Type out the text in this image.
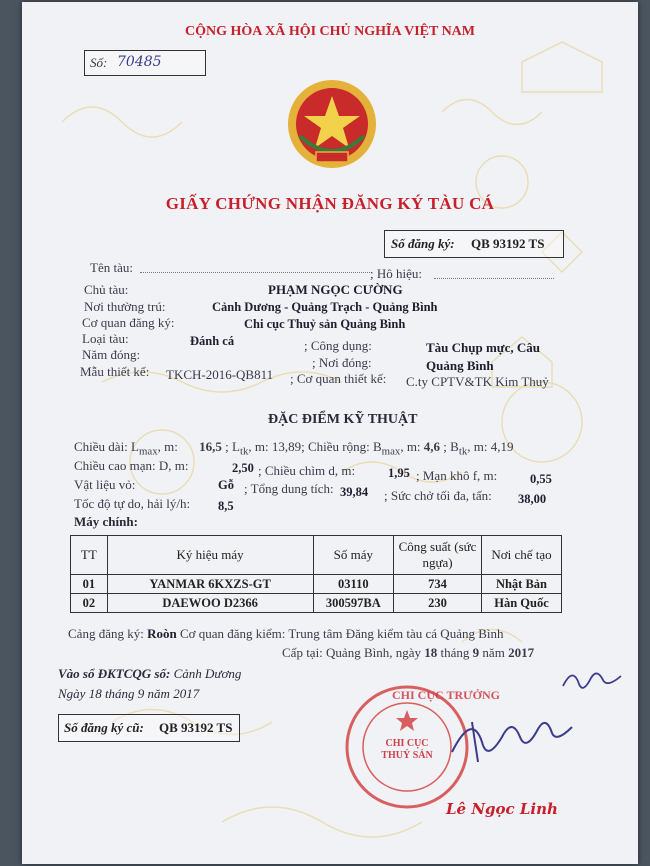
CỘNG HÒA XÃ HỘI CHỦ NGHĨA VIỆT NAM
Số: 70485
GIẤY CHỨNG NHẬN ĐĂNG KÝ TÀU CÁ
Số đăng ký: QB 93192 TS
Tên tàu:	; Hô hiệu:
Chủ tàu:	PHẠM NGỌC CƯỜNG
Nơi thường trú:	Cảnh Dương - Quảng Trạch - Quảng Bình
Cơ quan đăng ký:	Chi cục Thuỷ sản Quảng Bình
Loại tàu:	Đánh cá	; Công dụng:	Tàu Chụp mực, Câu
Năm đóng:
; Nơi đóng:	Quảng Bình
Mẫu thiết kế: TKCH-2016-QB811 ; Cơ quan thiết kế: C.ty CPTV&TK Kim Thuỷ
ĐẶC ĐIỂM KỸ THUẬT
Chiều dài: $L_{max}$, m: 16,5 ; $L_{tk}$, m: 13,89; Chiều rộng: $B_{max}$, m: 4,6 ; $B_{tk}$, m: 4,19
Chiều cao mạn: D, m:	2,50 ; Chiều chìm d, m:	1,95 ; Mạn khô f, m:	0,55
Vật liệu vỏ:	Gỗ ; Tổng dung tích: 39,84 ; Sức chở tối đa, tấn: 38,00
Tốc độ tự do, hải lý/h: 8,5
Máy chính:
TT	Ký hiệu máy	Số máy	Công suất (sức ngựa)	Nơi chế tạo
01	YANMAR 6KXZS-GT	03110	734	Nhật Bản
02	DAEWOO D2366	300597BA	230	Hàn Quốc
Cảng đăng ký: Roòn Cơ quan đăng kiểm: Trung tâm Đăng kiểm tàu cá Quảng Bình
Cấp tại: Quảng Bình, ngày 18 tháng 9 năm 2017
Vào sổ ĐKTCQG số: Cảnh Dương
Ngày 18 tháng 9 năm 2017
Số đăng ký cũ: QB 93192 TS
CHI CỤC TRƯỞNG
CHI CỤC THUỶ SẢN
Lê Ngọc Linh
